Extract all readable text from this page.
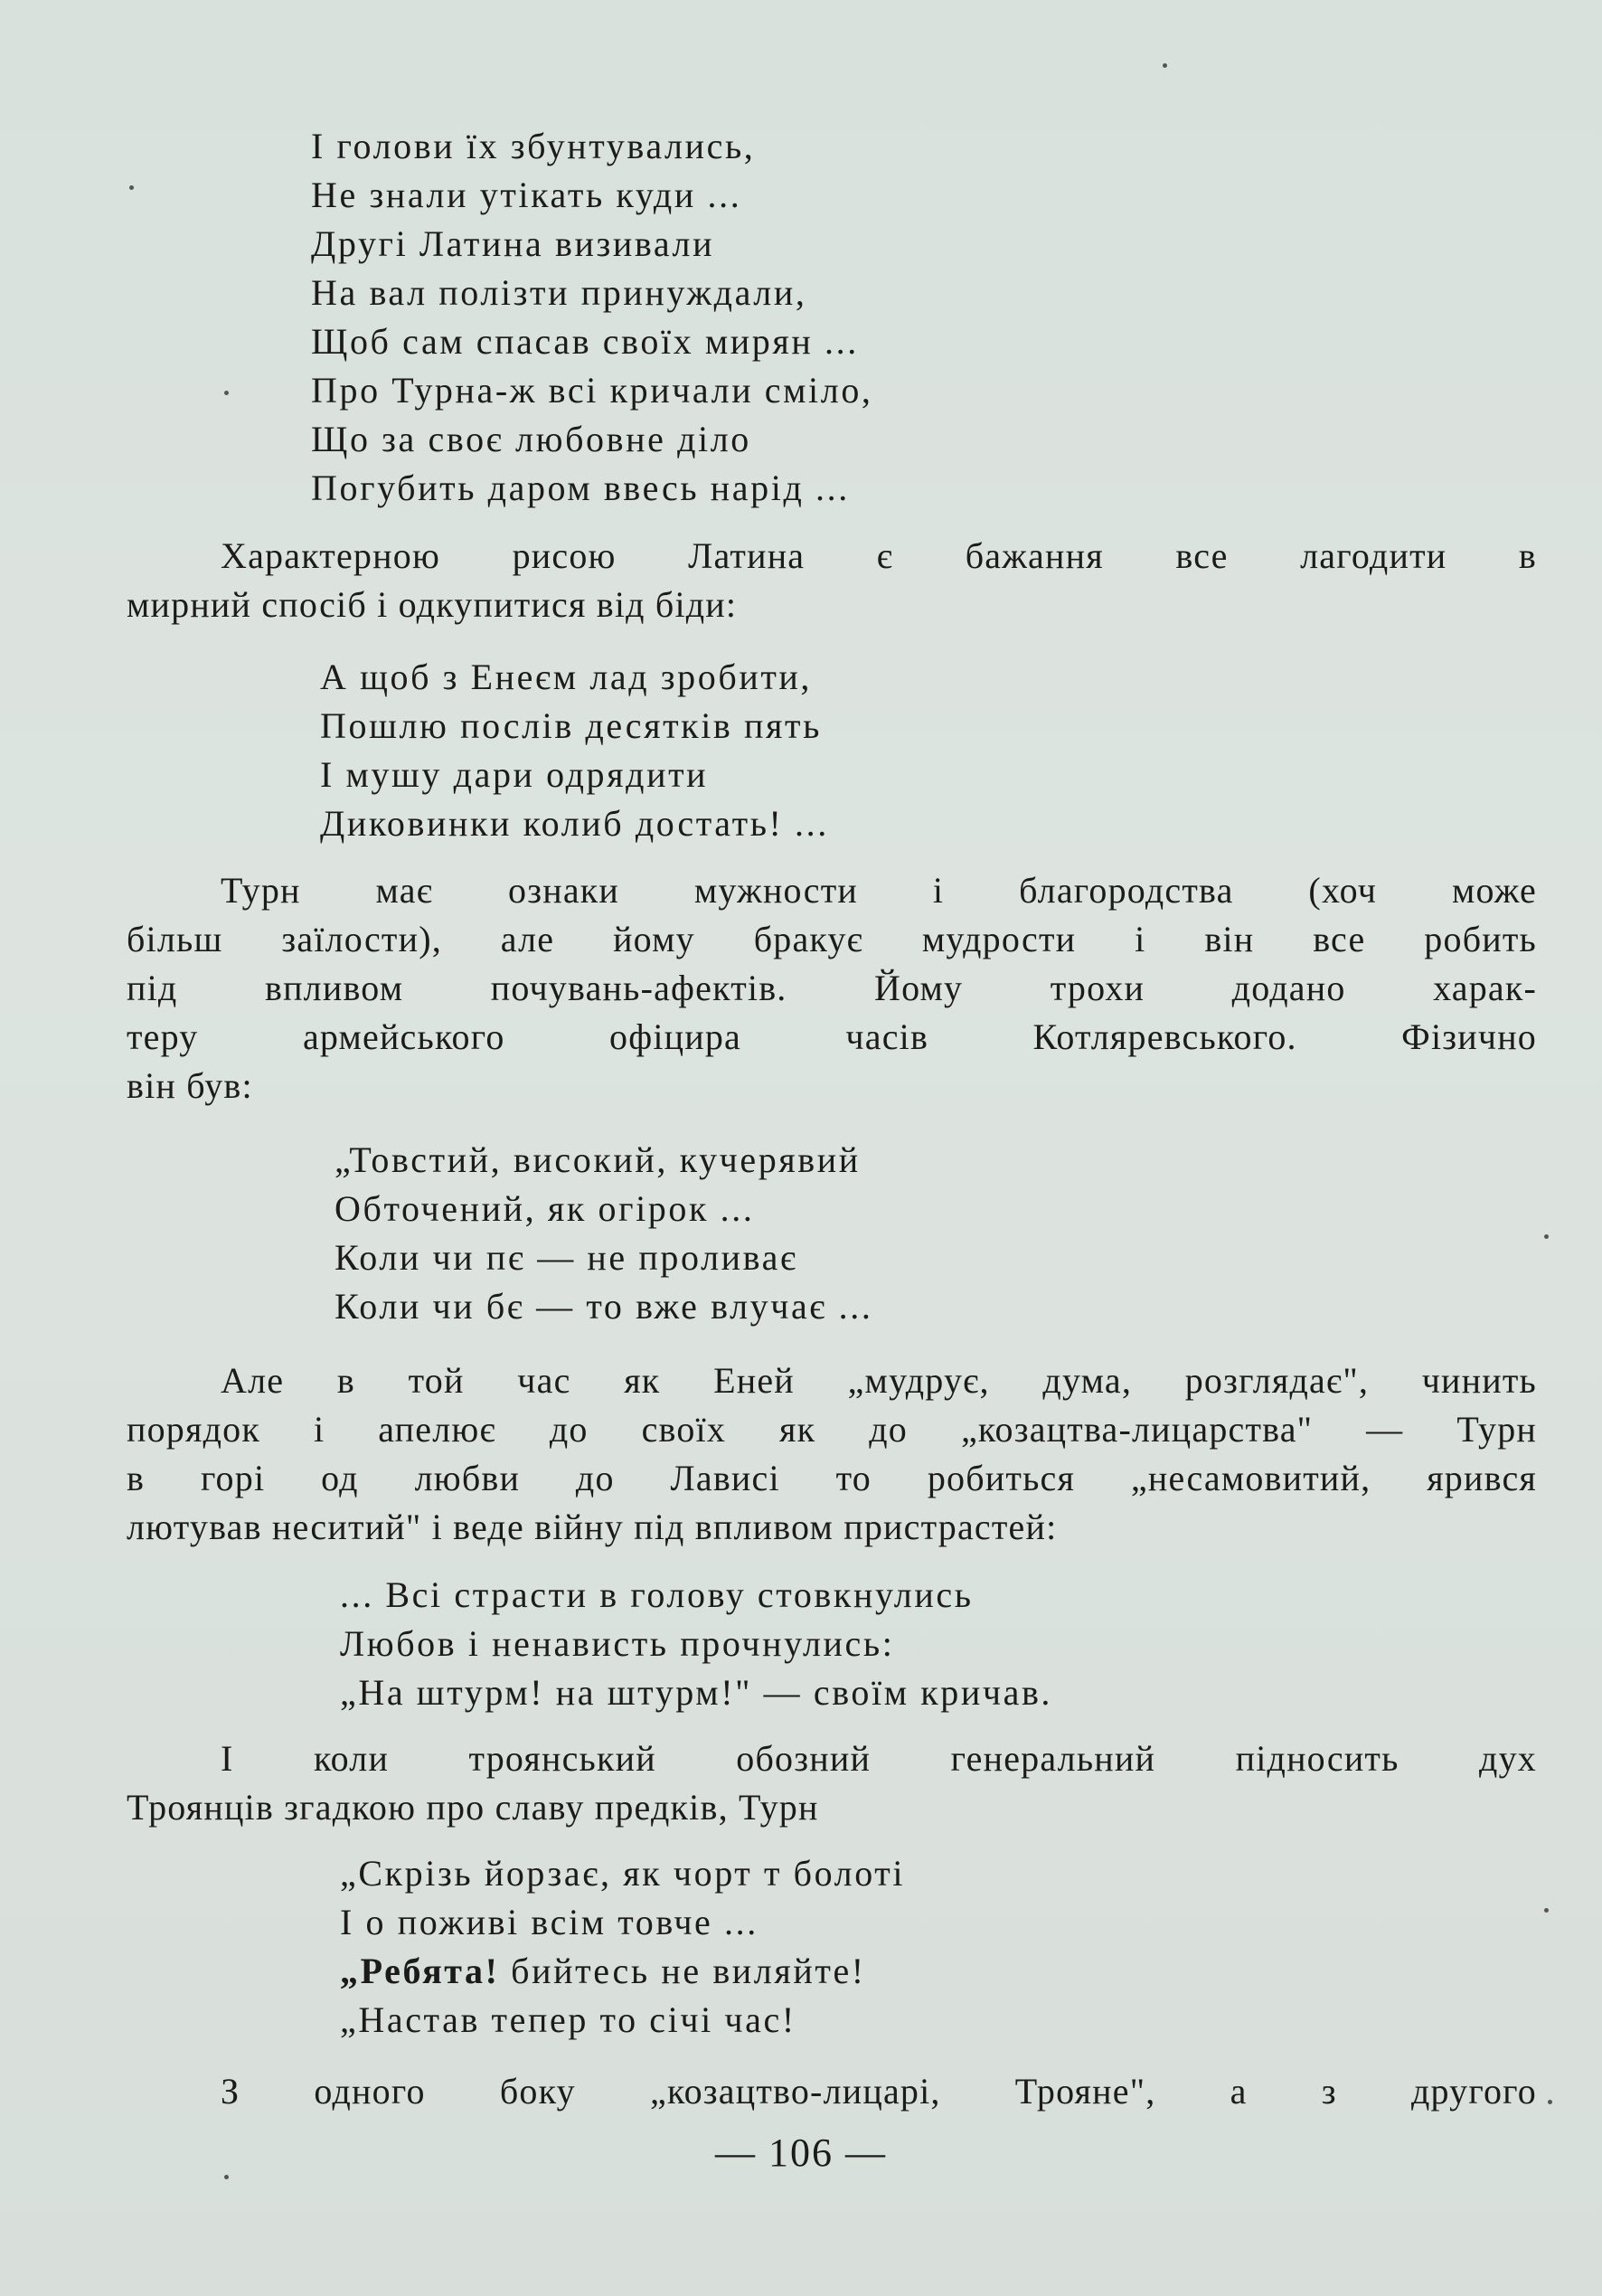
І голови їх збунтувались,
Не знали утікать куди ...
Другі Латина визивали
На вал полізти принуждали,
Щоб сам спасав своїх мирян ...
Про Турна-ж всі кричали сміло,
Що за своє любовне діло
Погубить даром ввесь нарід ...
Характерною рисою Латина є бажання все лагодити в
мирний спосіб і одкупитися від біди:
А щоб з Енеєм лад зробити,
Пошлю послів десятків пять
І мушу дари одрядити
Диковинки колиб достать! ...
Турн має ознаки мужности і благородства (хоч може
більш заїлости), але йому бракує мудрости і він все робить
під впливом почувань-афектів. Йому трохи додано харак-
теру армейського офіцира часів Котляревського. Фізично
він був:
„Товстий, високий, кучерявий
Обточений, як огірок ...
Коли чи пє — не проливає
Коли чи бє — то вже влучає ...
Але в той час як Еней „мудрує, дума, розглядає", чинить
порядок і апелює до своїх як до „козацтва-лицарства" — Турн
в горі од любви до Лависі то робиться „несамовитий, ярився
лютував неситий" і веде війну під впливом пристрастей:
... Всі страсти в голову стовкнулись
Любов і ненависть прочнулись:
„На штурм! на штурм!" — своїм кричав.
І коли троянський обозний генеральний підносить дух
Троянців згадкою про славу предків, Турн
„Скрізь йорзає, як чорт т болоті
І о поживі всім товче ...
„Ребята! бийтесь не виляйте!
„Настав тепер то січі час!
З одного боку „козацтво-лицарі, Трояне", а з другого
— 106 —
